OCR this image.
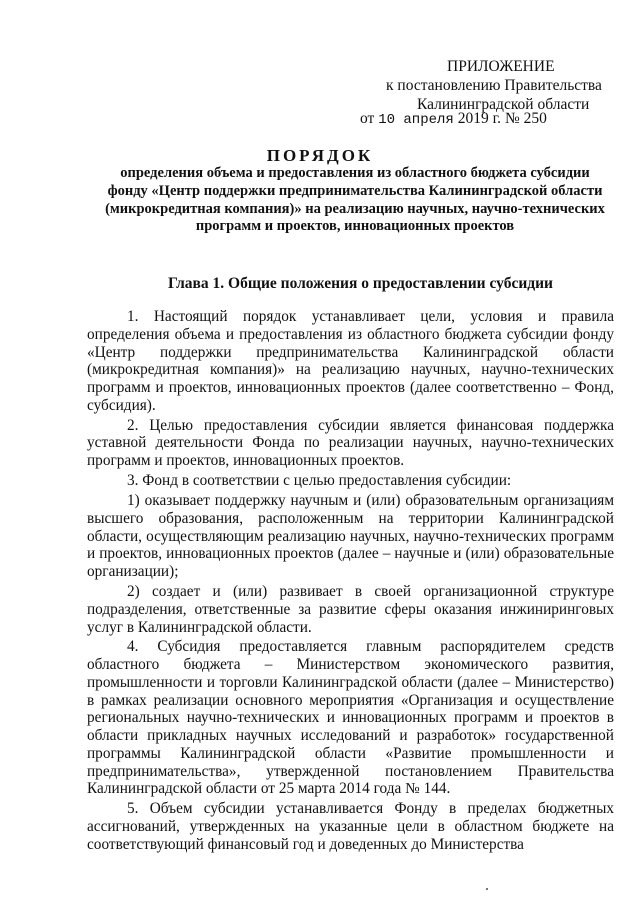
ПРИЛОЖЕНИЕ
к постановлению Правительства
Калининградской области
от 10 апреля 2019 г. № 250
ПОРЯДОК
определения объема и предоставления из областного бюджета субсидии фонду «Центр поддержки предпринимательства Калининградской области (микрокредитная компания)» на реализацию научных, научно-технических программ и проектов, инновационных проектов
Глава 1. Общие положения о предоставлении субсидии

1. Настоящий порядок устанавливает цели, условия и правила определения объема и предоставления из областного бюджета субсидии фонду «Центр поддержки предпринимательства Калининградской области (микрокредитная компания)» на реализацию научных, научно-технических программ и проектов, инновационных проектов (далее соответственно – Фонд, субсидия).

2. Целью предоставления субсидии является финансовая поддержка уставной деятельности Фонда по реализации научных, научно-технических программ и проектов, инновационных проектов.

3. Фонд в соответствии с целью предоставления субсидии:

1) оказывает поддержку научным и (или) образовательным организациям высшего образования, расположенным на территории Калининградской области, осуществляющим реализацию научных, научно-технических программ и проектов, инновационных проектов (далее – научные и (или) образовательные организации);

2) создает и (или) развивает в своей организационной структуре подразделения, ответственные за развитие сферы оказания инжиниринговых услуг в Калининградской области.

4. Субсидия предоставляется главным распорядителем средств областного бюджета – Министерством экономического развития, промышленности и торговли Калининградской области (далее – Министерство) в рамках реализации основного мероприятия «Организация и осуществление региональных научно-технических и инновационных программ и проектов в области прикладных научных исследований и разработок» государственной программы Калининградской области «Развитие промышленности и предпринимательства», утвержденной постановлением Правительства Калининградской области от 25 марта 2014 года № 144.

5. Объем субсидии устанавливается Фонду в пределах бюджетных ассигнований, утвержденных на указанные цели в областном бюджете на соответствующий финансовый год и доведенных до Министерства
